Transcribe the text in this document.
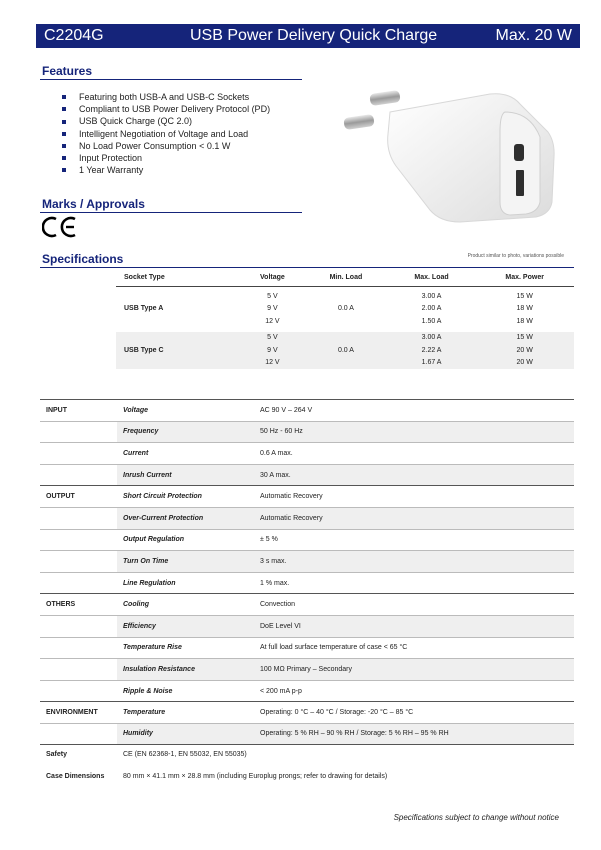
C2204G	USB Power Delivery Quick Charge	Max. 20 W
Features
Featuring both USB-A and USB-C Sockets
Compliant to USB Power Delivery Protocol (PD)
USB Quick Charge (QC 2.0)
Intelligent Negotiation of Voltage and Load
No Load Power Consumption < 0.1 W
Input Protection
1 Year Warranty
Marks / Approvals
Specifications	Product similar to photo, variations possible
Socket Type	Voltage	Min. Load	Max. Load	Max. Power

USB Type A	5 V	0.0 A	3.00 A	15 W
	9 V		2.00 A	18 W
	12 V		1.50 A	18 W

USB Type C	5 V	0.0 A	3.00 A	15 W
	9 V		2.22 A	20 W
	12 V		1.67 A	20 W
INPUT	Voltage	AC 90 V – 264 V
Frequency	50 Hz - 60 Hz
Current	0.6 A max.
Inrush Current	30 A max.
OUTPUT	Short Circuit Protection	Automatic Recovery
Over-Current Protection	Automatic Recovery
Output Regulation	± 5 %
Turn On Time	3 s max.
Line Regulation	1 % max.
OTHERS	Cooling	Convection
Efficiency	DoE Level VI
Temperature Rise	At full load surface temperature of case < 65 °C
Insulation Resistance	100 MΩ Primary – Secondary
Ripple & Noise	< 200 mA p-p
ENVIRONMENT	Temperature	Operating: 0 °C – 40 °C / Storage: -20 °C – 85 °C
Humidity	Operating: 5 % RH – 90 % RH / Storage: 5 % RH – 95 % RH
Safety	CE (EN 62368-1, EN 55032, EN 55035)
Case Dimensions	80 mm × 41.1 mm × 28.8 mm (including Europlug prongs; refer to drawing for details)
Specifications subject to change without notice
